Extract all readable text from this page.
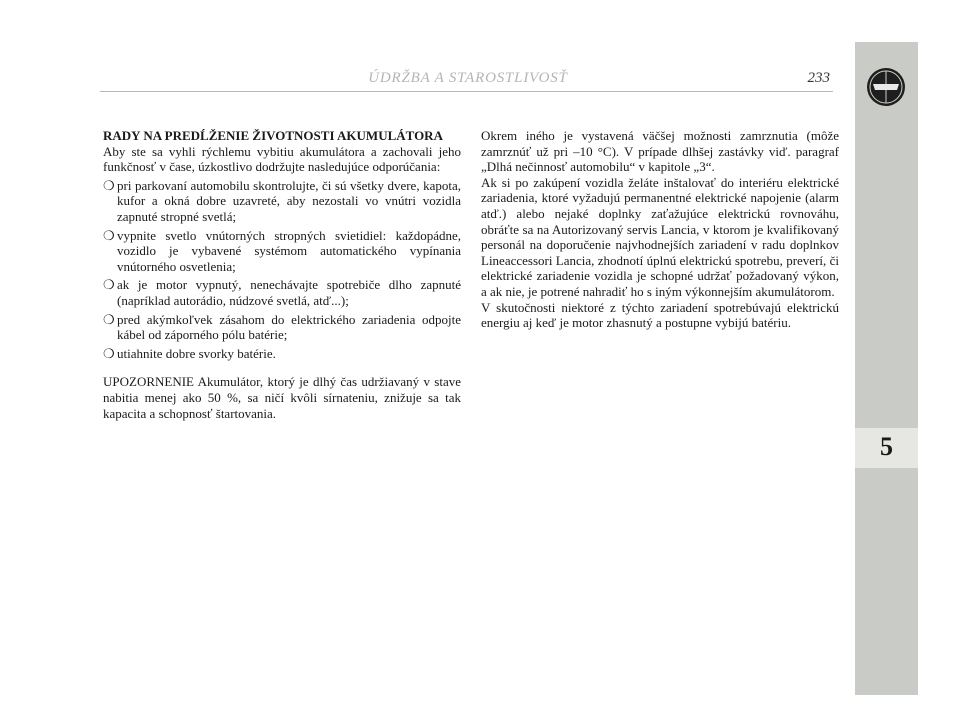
5
ÚDRŽBA A STAROSTLIVOSŤ	233

RADY NA PREDĹŽENIE ŽIVOTNOSTI AKUMULÁTORA

Aby ste sa vyhli rýchlemu vybitiu akumulátora a zachovali jeho funkčnosť v čase, úzkostlivo dodržujte nasledujúce odporúčania:

❍ pri parkovaní automobilu skontrolujte, či sú všetky dvere, kapota, kufor a okná dobre uzavreté, aby nezostali vo vnútri vozidla zapnuté stropné svetlá;
❍ vypnite svetlo vnútorných stropných svietidiel: každopádne, vozidlo je vybavené systémom automatického vypínania vnútorného osvetlenia;
❍ ak je motor vypnutý, nenechávajte spotrebiče dlho zapnuté (napríklad autorádio, núdzové svetlá, atď...);
❍ pred akýmkoľvek zásahom do elektrického zariadenia odpojte kábel od záporného pólu batérie;
❍ utiahnite dobre svorky batérie.

UPOZORNENIE Akumulátor, ktorý je dlhý čas udržiavaný v stave nabitia menej ako 50 %, sa ničí kvôli sírnateniu, znižuje sa tak kapacita a schopnosť štartovania.

Okrem iného je vystavená väčšej možnosti zamrznutia (môže zamrznúť už pri –10 °C). V prípade dlhšej zastávky viď. paragraf „Dlhá nečinnosť automobilu“ v kapitole „3“.

Ak si po zakúpení vozidla želáte inštalovať do interiéru elektrické zariadenia, ktoré vyžadujú permanentné elektrické napojenie (alarm atď.) alebo nejaké doplnky zaťažujúce elektrickú rovnováhu, obráťte sa na Autorizovaný servis Lancia, v ktorom je kvalifikovaný personál na doporučenie najvhodnejších zariadení v radu doplnkov Lineaccessori Lancia, zhodnotí úplnú elektrickú spotrebu, preverí, či elektrické zariadenie vozidla je schopné udržať požadovaný výkon, a ak nie, je potrené nahradiť ho s iným výkonnejším akumulátorom.

V skutočnosti niektoré z týchto zariadení spotrebúvajú elektrickú energiu aj keď je motor zhasnutý a postupne vybijú batériu.
